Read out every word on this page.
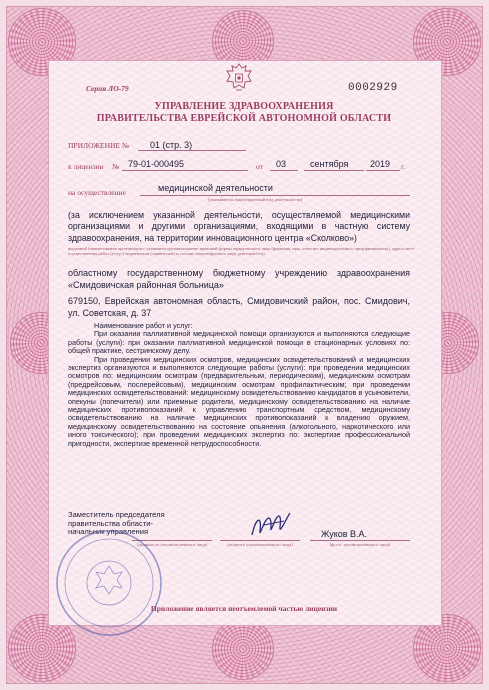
Серия ЛО-79	0002929
УПРАВЛЕНИЕ ЗДРАВООХРАНЕНИЯ
ПРАВИТЕЛЬСТВА ЕВРЕЙСКОЙ АВТОНОМНОЙ ОБЛАСТИ
ПРИЛОЖЕНИЕ № 01 (стр. 3)
к лицензии № 79-01-000495	от 03	сентября 2019 г.
на осуществление	медицинской деятельности
(указывается лицензируемый вид деятельности)
(за исключением указанной деятельности, осуществляемой медицинскими организациями и другими организациями, входящими в частную систему здравоохранения, на территории инновационного центра «Сколково»)
выданной (наименование организации с указанием организационно-правовой формы юридического лица (фамилия, имя, отчество индивидуального предпринимателя), адреса мест осуществления работ (услуг) лицензиатом (заявителем) и составе лицензируемого вида деятельности)
областному государственному бюджетному учреждению здравоохранения «Смидовичская районная больница»
679150, Еврейская автономная область, Смидовичский район, пос. Смидович, ул. Советская, д. 37

Наименование работ и услуг:

При оказании паллиативной медицинской помощи организуются и выполняются следующие работы (услуги): при оказании паллиативной медицинской помощи в стационарных условиях по: общей практике, сестринскому делу.

При проведении медицинских осмотров, медицинских освидетельствований и медицинских экспертиз организуются и выполняются следующие работы (услуги): при проведении медицинских осмотров по: медицинским осмотрам (предварительным, периодическим), медицинским осмотрам (предрейсовым, послерейсовым), медицинским осмотрам профилактическим; при проведении медицинских освидетельствований: медицинскому освидетельствованию кандидатов в усыновители, опекуны (попечители) или приемные родители, медицинскому освидетельствованию на наличие медицинских противопоказаний к управлению транспортным средством, медицинскому освидетельствованию на наличие медицинских противопоказаний к владению оружием, медицинскому освидетельствованию на состояние опьянения (алкогольного, наркотического или иного токсического); при проведении медицинских экспертиз по: экспертизе профессиональной пригодности, экспертизе временной нетрудоспособности.

Заместитель председателя правительства области- начальник управления
(должность уполномоченного лица)	(подпись уполномоченного лица)	(ф.и.о. уполномоченного лица)
Жуков В.А.
Приложение является неотъемлемой частью лицензии
